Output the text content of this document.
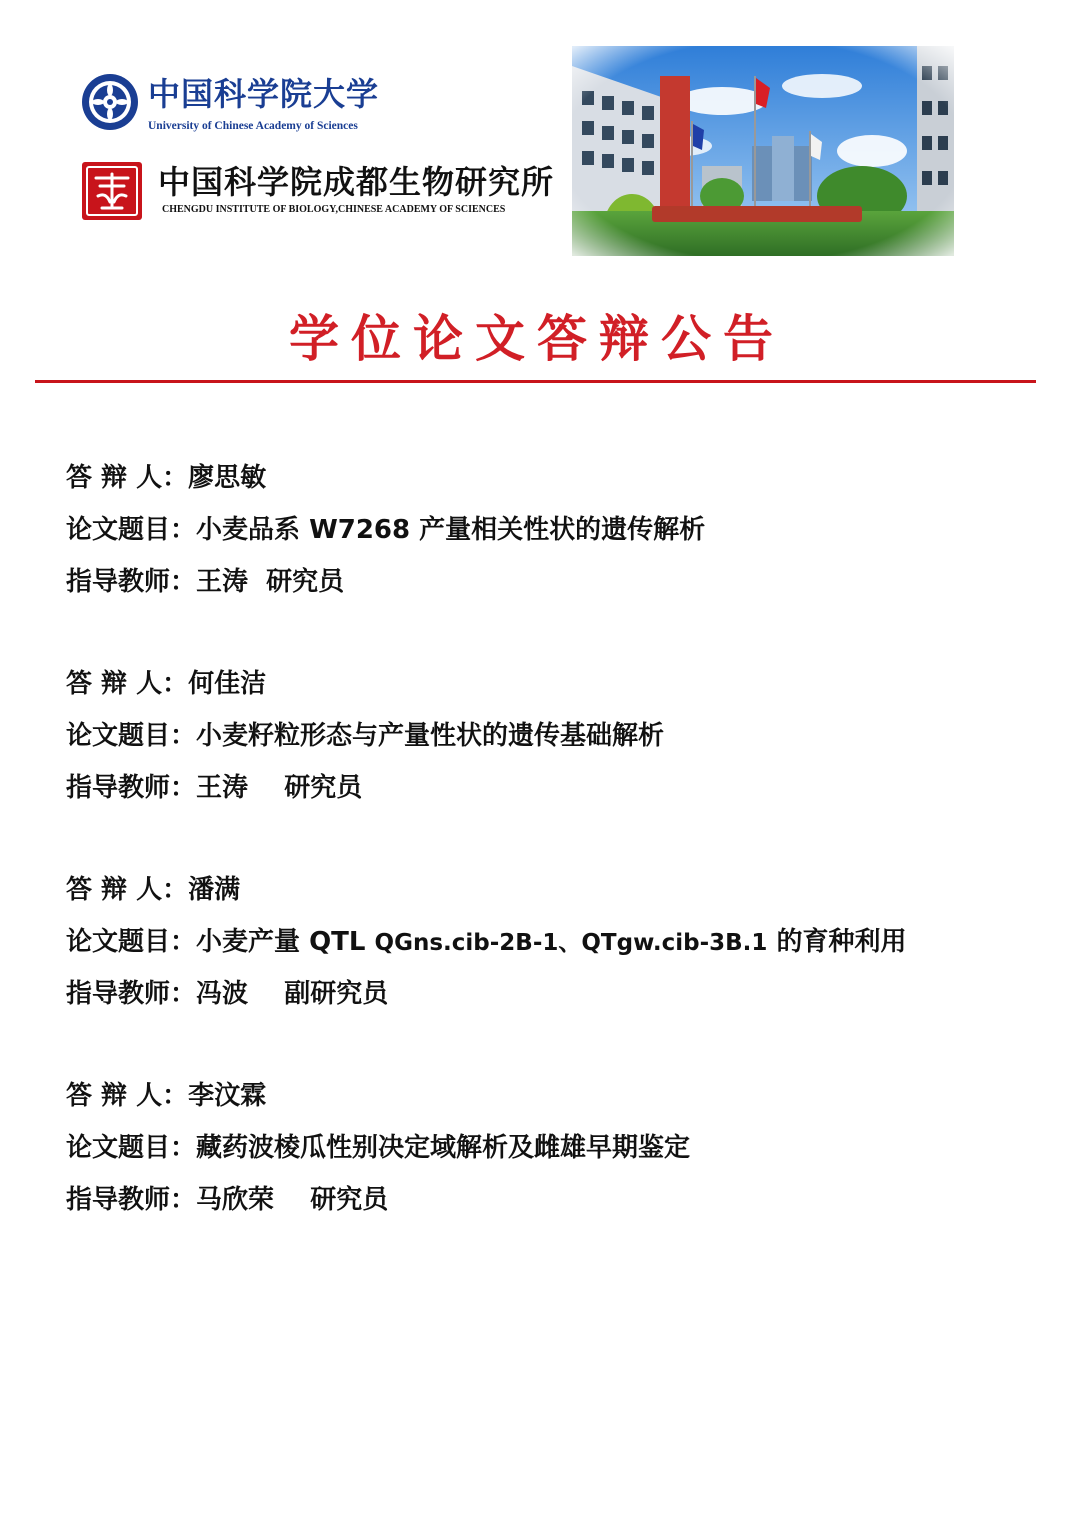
中国科学院大学
University of Chinese Academy of Sciences
中国科学院成都生物研究所
CHENGDU INSTITUTE OF BIOLOGY,CHINESE ACADEMY OF SCIENCES
学位论文答辩公告
答 辩 人：廖思敏
论文题目：小麦品系 W7268 产量相关性状的遗传解析
指导教师：王涛  研究员
答 辩 人：何佳洁
论文题目：小麦籽粒形态与产量性状的遗传基础解析
指导教师：王涛    研究员
答 辩 人：潘满
论文题目：小麦产量 QTL QGns.cib-2B-1、QTgw.cib-3B.1 的育种利用
指导教师：冯波    副研究员
答 辩 人：李汶霖
论文题目：藏药波棱瓜性别决定域解析及雌雄早期鉴定
指导教师：马欣荣    研究员
